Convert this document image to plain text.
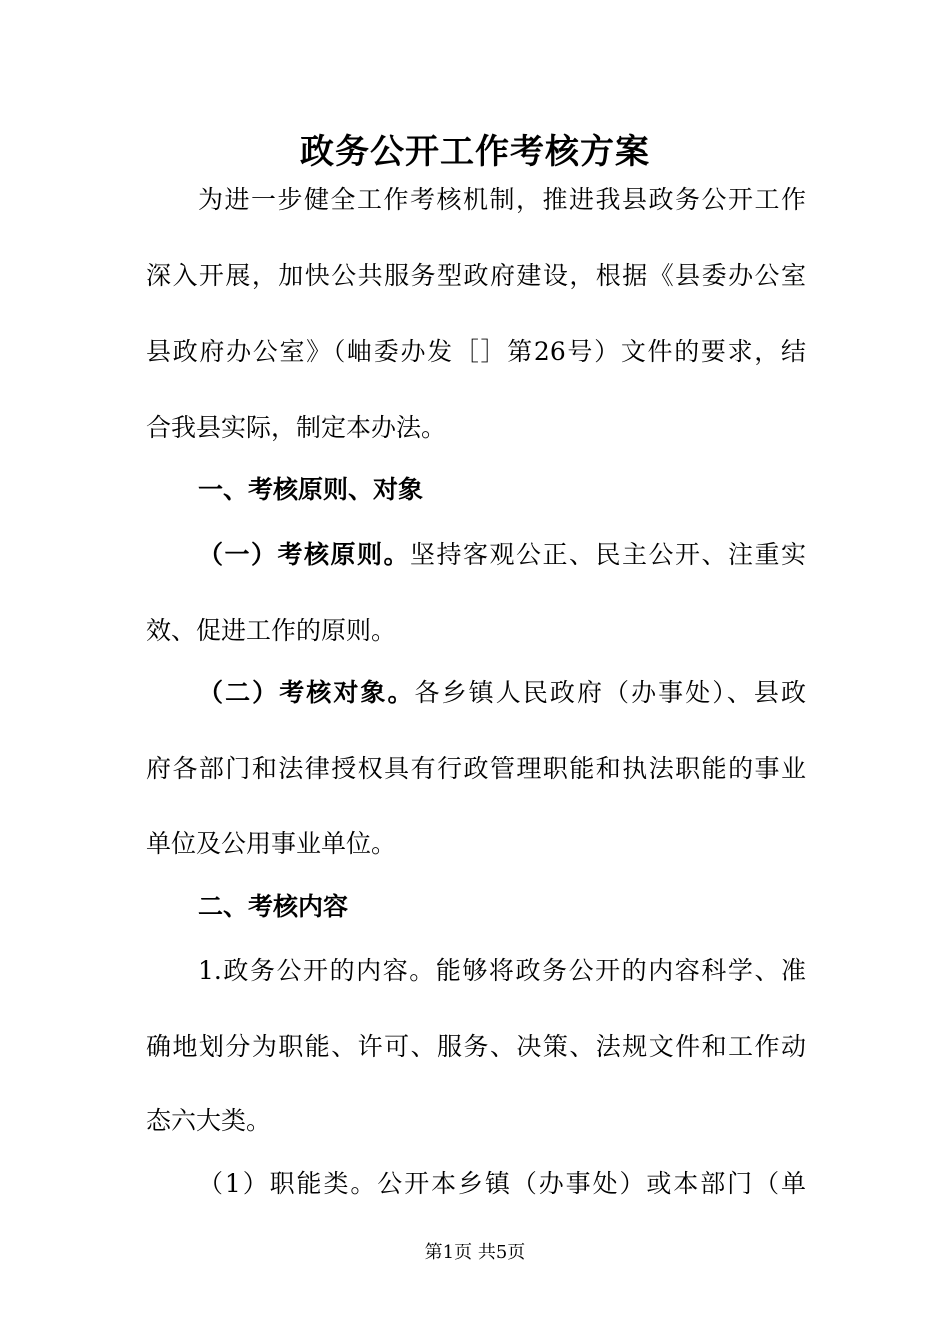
政务公开工作考核方案
为进一步健全工作考核机制，推进我县政务公开工作
深入开展，加快公共服务型政府建设，根据《县委办公室
县政府办公室》（岫委办发［］第26号）文件的要求，结
合我县实际，制定本办法。
一、考核原则、对象
（一）考核原则。坚持客观公正、民主公开、注重实
效、促进工作的原则。
（二）考核对象。各乡镇人民政府（办事处）、县政
府各部门和法律授权具有行政管理职能和执法职能的事业
单位及公用事业单位。
二、考核内容
1.政务公开的内容。能够将政务公开的内容科学、准
确地划分为职能、许可、服务、决策、法规文件和工作动
态六大类。
（1）职能类。公开本乡镇（办事处）或本部门（单
第1页 共5页
